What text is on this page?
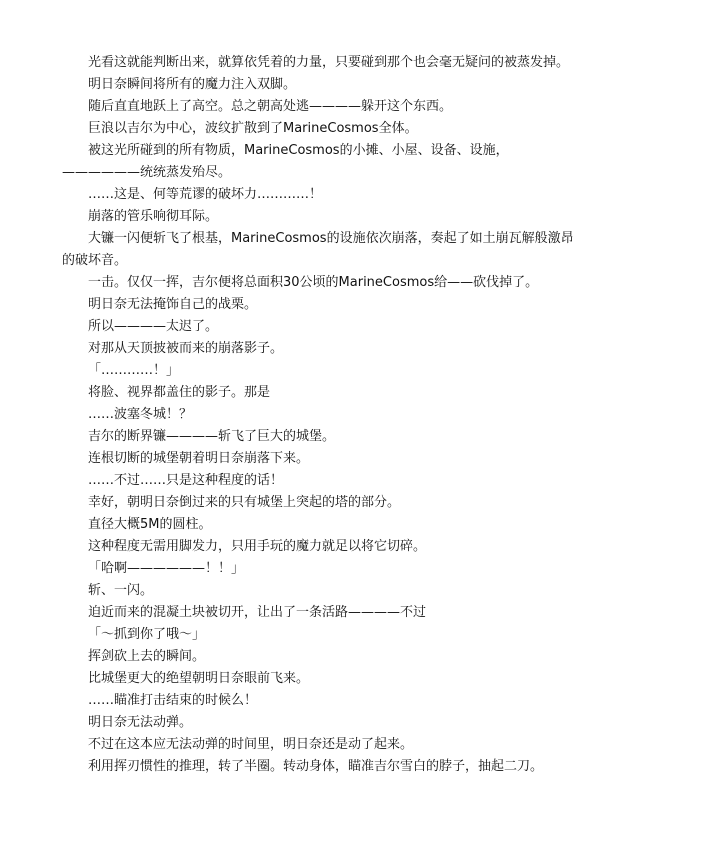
光看这就能判断出来，就算依凭着的力量，只要碰到那个也会毫无疑问的被蒸发掉。

明日奈瞬间将所有的魔力注入双脚。

随后直直地跃上了高空。总之朝高处逃————躲开这个东西。

巨浪以吉尔为中心，波纹扩散到了MarineCosmos全体。

被这光所碰到的所有物质，MarineCosmos的小摊、小屋、设备、设施，——————统统蒸发殆尽。

……这是、何等荒谬的破坏力…………！

崩落的管乐响彻耳际。

大镰一闪便斩飞了根基，MarineCosmos的设施依次崩落，奏起了如土崩瓦解般激昂的破坏音。

一击。仅仅一挥，吉尔便将总面积30公顷的MarineCosmos给——砍伐掉了。

明日奈无法掩饰自己的战栗。

所以————太迟了。

对那从天顶披被而来的崩落影子。

「…………！」

将脸、视界都盖住的影子。那是

……波塞冬城！？

吉尔的断界镰————斩飞了巨大的城堡。

连根切断的城堡朝着明日奈崩落下来。

……不过……只是这种程度的话！

幸好，朝明日奈倒过来的只有城堡上突起的塔的部分。

直径大概5M的圆柱。

这种程度无需用脚发力，只用手玩的魔力就足以将它切碎。

「哈啊——————！！」

斩、一闪。

迫近而来的混凝土块被切开，让出了一条活路————不过

「～抓到你了哦～」

挥剑砍上去的瞬间。

比城堡更大的绝望朝明日奈眼前飞来。

……瞄准打击结束的时候么！

明日奈无法动弹。

不过在这本应无法动弹的时间里，明日奈还是动了起来。

利用挥刃惯性的推理，转了半圈。转动身体，瞄准吉尔雪白的脖子，抽起二刀。
